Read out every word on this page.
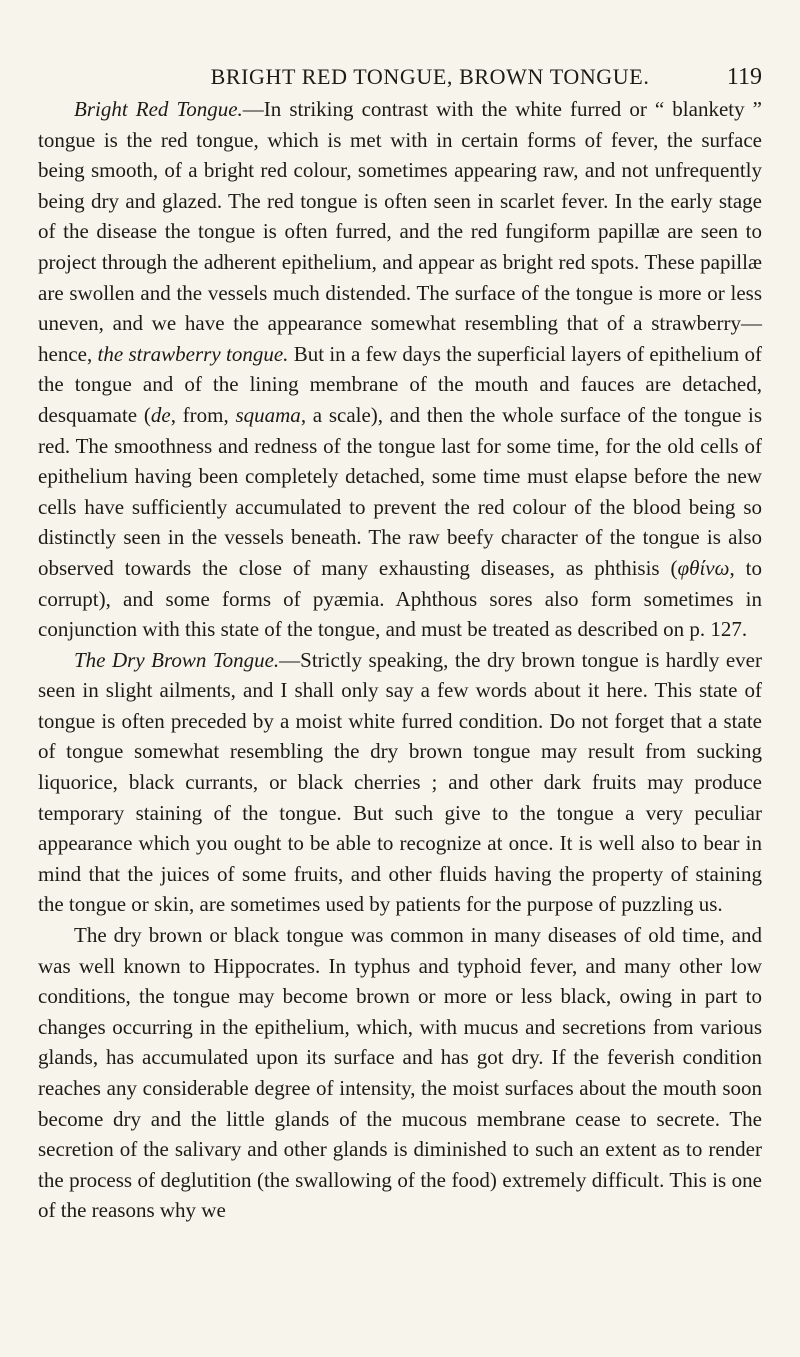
BRIGHT RED TONGUE, BROWN TONGUE.	119

Bright Red Tongue.—In striking contrast with the white furred or “ blankety ” tongue is the red tongue, which is met with in certain forms of fever, the surface being smooth, of a bright red colour, sometimes appearing raw, and not unfrequently being dry and glazed. The red tongue is often seen in scarlet fever. In the early stage of the disease the tongue is often furred, and the red fungiform papillæ are seen to project through the adherent epithelium, and appear as bright red spots. These papillæ are swollen and the vessels much distended. The surface of the tongue is more or less uneven, and we have the appearance somewhat resembling that of a strawberry—hence, the strawberry tongue. But in a few days the superficial layers of epithelium of the tongue and of the lining membrane of the mouth and fauces are detached, desquamate (de, from, squama, a scale), and then the whole surface of the tongue is red. The smoothness and redness of the tongue last for some time, for the old cells of epithelium having been completely detached, some time must elapse before the new cells have sufficiently accumulated to prevent the red colour of the blood being so distinctly seen in the vessels beneath. The raw beefy character of the tongue is also observed towards the close of many exhausting diseases, as phthisis (φθίνω, to corrupt), and some forms of pyæmia. Aphthous sores also form sometimes in conjunction with this state of the tongue, and must be treated as described on p. 127.

The Dry Brown Tongue.—Strictly speaking, the dry brown tongue is hardly ever seen in slight ailments, and I shall only say a few words about it here. This state of tongue is often preceded by a moist white furred condition. Do not forget that a state of tongue somewhat resembling the dry brown tongue may result from sucking liquorice, black currants, or black cherries ; and other dark fruits may produce temporary staining of the tongue. But such give to the tongue a very peculiar appearance which you ought to be able to recognize at once. It is well also to bear in mind that the juices of some fruits, and other fluids having the property of staining the tongue or skin, are sometimes used by patients for the purpose of puzzling us.

The dry brown or black tongue was common in many diseases of old time, and was well known to Hippocrates. In typhus and typhoid fever, and many other low conditions, the tongue may become brown or more or less black, owing in part to changes occurring in the epithelium, which, with mucus and secretions from various glands, has accumulated upon its surface and has got dry. If the feverish condition reaches any considerable degree of intensity, the moist surfaces about the mouth soon become dry and the little glands of the mucous membrane cease to secrete. The secretion of the salivary and other glands is diminished to such an extent as to render the process of deglutition (the swallowing of the food) extremely difficult. This is one of the reasons why we
